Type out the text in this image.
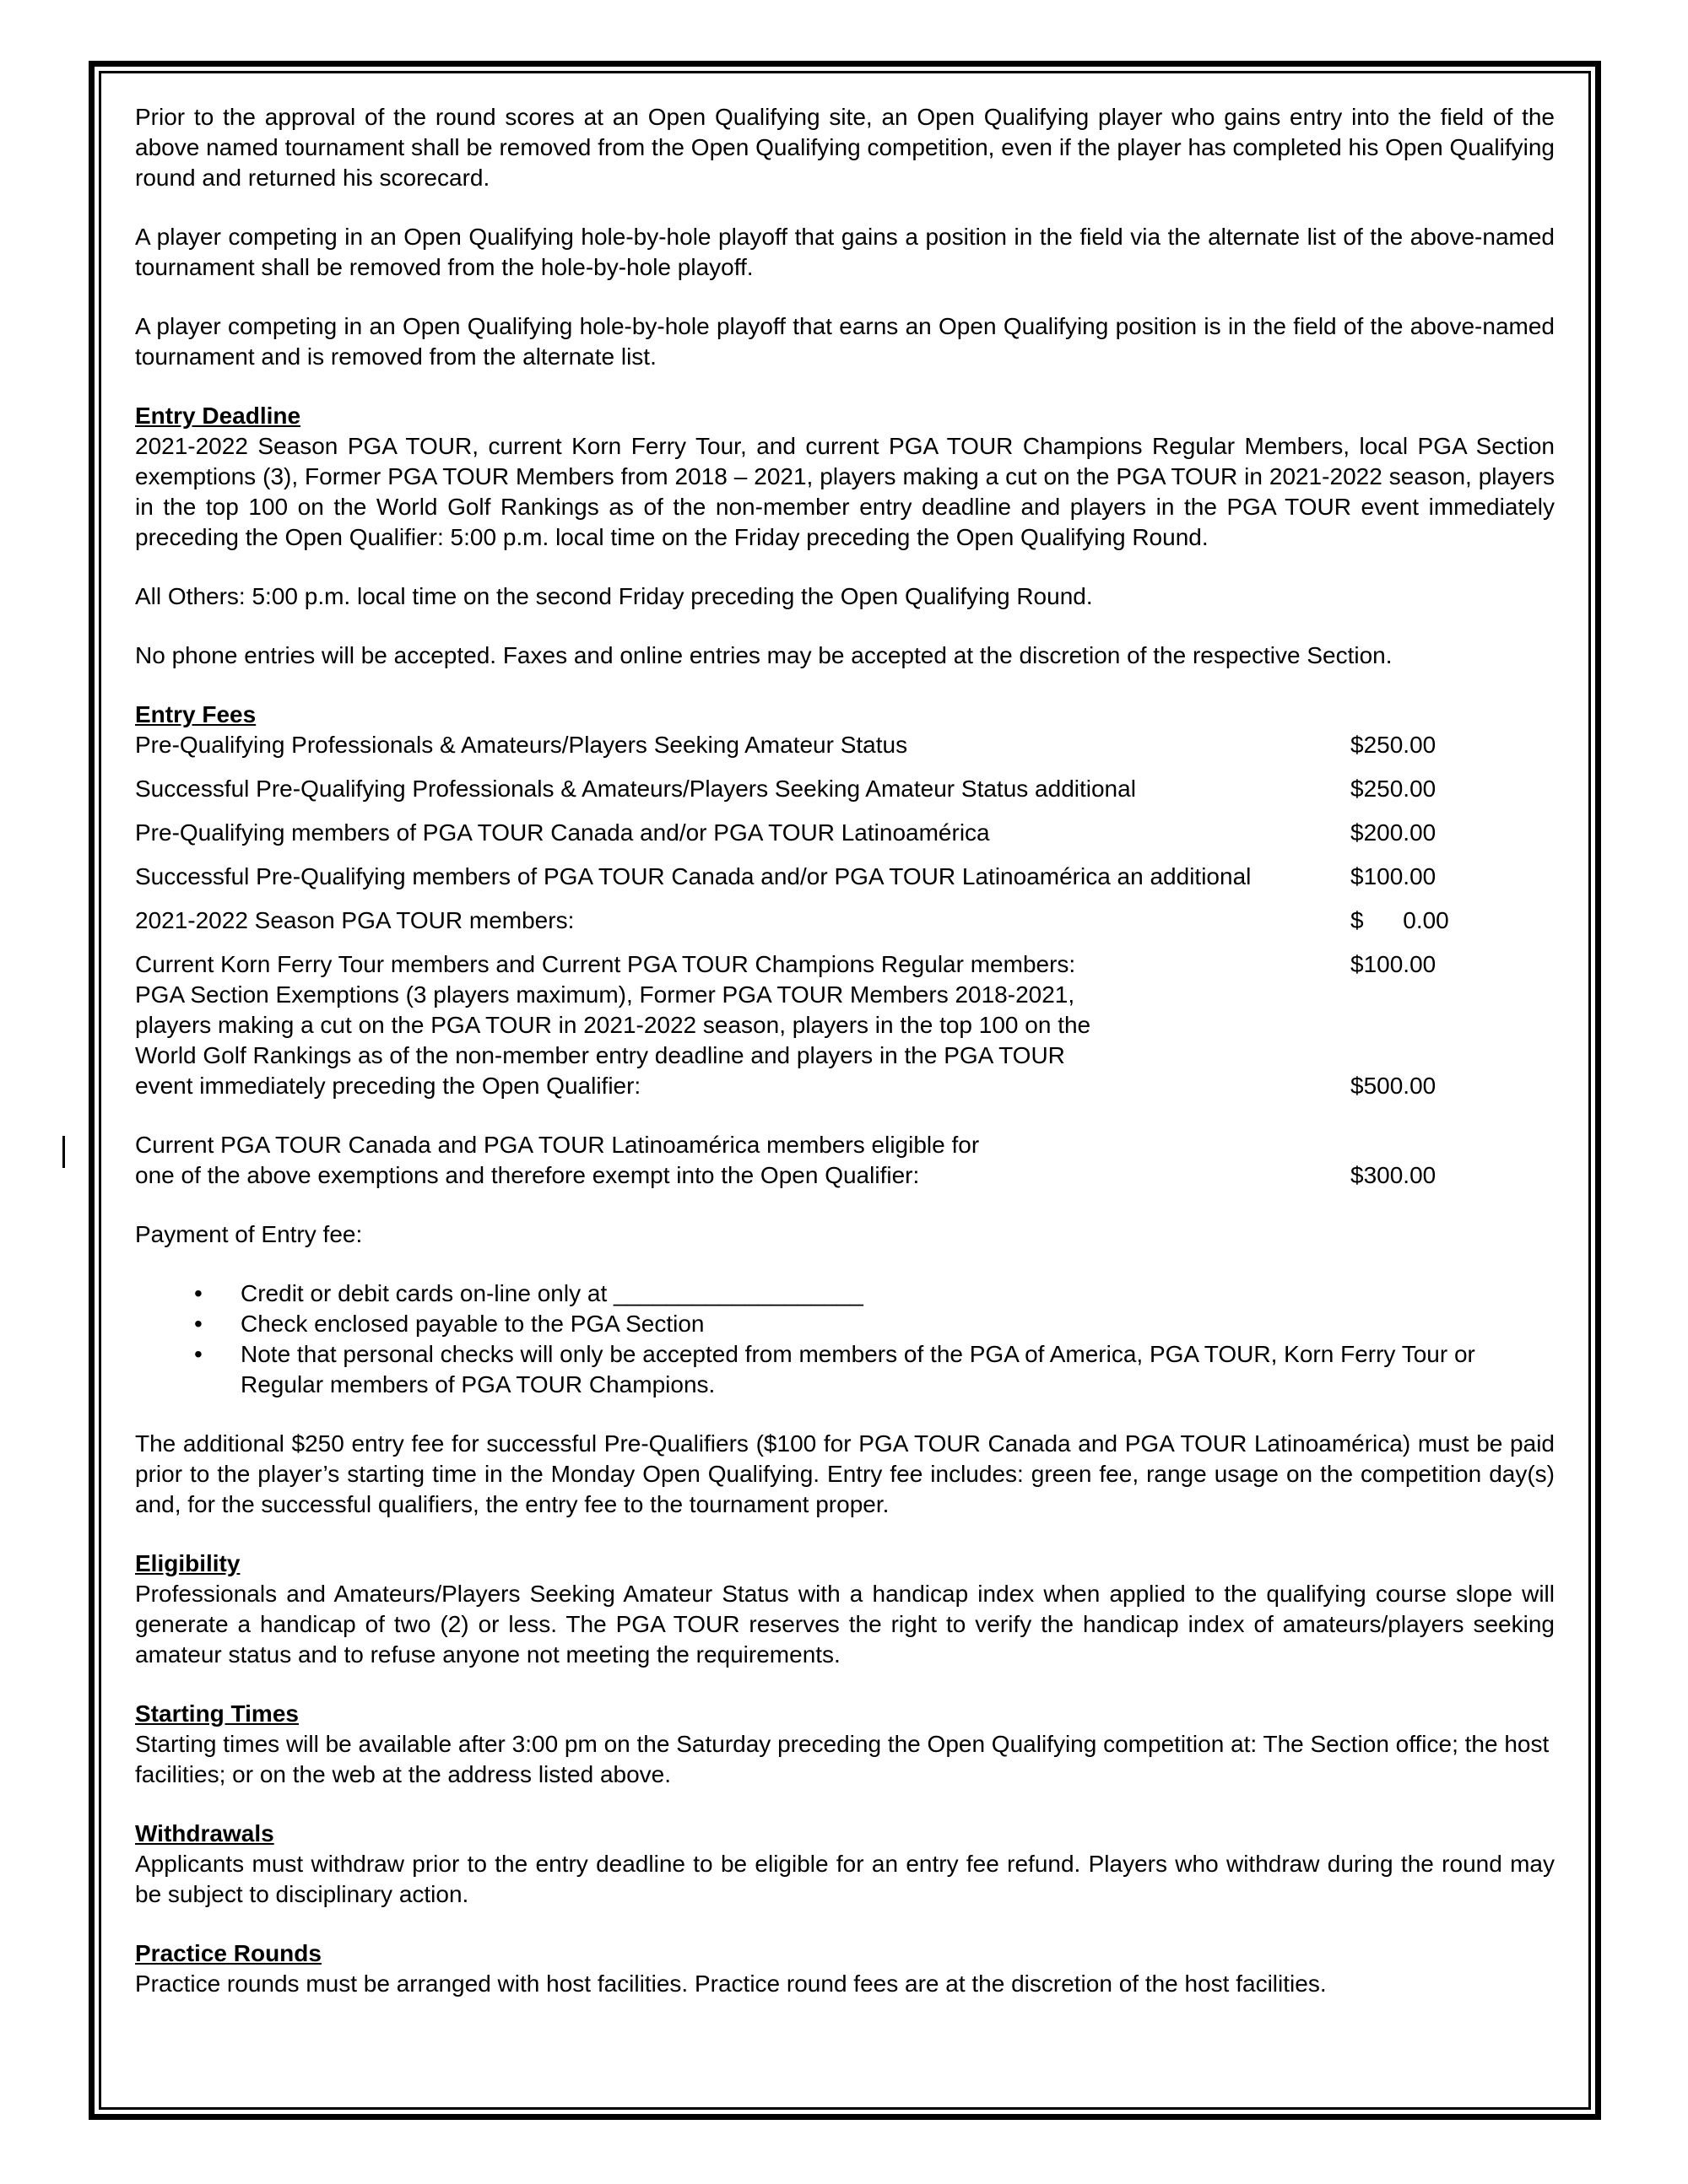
Prior to the approval of the round scores at an Open Qualifying site, an Open Qualifying player who gains entry into the field of the above named tournament shall be removed from the Open Qualifying competition, even if the player has completed his Open Qualifying round and returned his scorecard.

A player competing in an Open Qualifying hole-by-hole playoff that gains a position in the field via the alternate list of the above-named tournament shall be removed from the hole-by-hole playoff.

A player competing in an Open Qualifying hole-by-hole playoff that earns an Open Qualifying position is in the field of the above-named tournament and is removed from the alternate list.

Entry Deadline

2021-2022 Season PGA TOUR, current Korn Ferry Tour, and current PGA TOUR Champions Regular Members, local PGA Section exemptions (3), Former PGA TOUR Members from 2018 – 2021, players making a cut on the PGA TOUR in 2021-2022 season, players in the top 100 on the World Golf Rankings as of the non-member entry deadline and players in the PGA TOUR event immediately preceding the Open Qualifier: 5:00 p.m. local time on the Friday preceding the Open Qualifying Round.

All Others: 5:00 p.m. local time on the second Friday preceding the Open Qualifying Round.

No phone entries will be accepted. Faxes and online entries may be accepted at the discretion of the respective Section.

Entry Fees
Pre-Qualifying Professionals & Amateurs/Players Seeking Amateur Status	$250.00
Successful Pre-Qualifying Professionals & Amateurs/Players Seeking Amateur Status additional	$250.00
Pre-Qualifying members of PGA TOUR Canada and/or PGA TOUR Latinoamérica	$200.00
Successful Pre-Qualifying members of PGA TOUR Canada and/or PGA TOUR Latinoamérica an additional	$100.00
2021-2022 Season PGA TOUR members:	$      0.00
Current Korn Ferry Tour members and Current PGA TOUR Champions Regular members:	$100.00
PGA Section Exemptions (3 players maximum), Former PGA TOUR Members 2018-2021,
players making a cut on the PGA TOUR in 2021-2022 season, players in the top 100 on the
World Golf Rankings as of the non-member entry deadline and players in the PGA TOUR
event immediately preceding the Open Qualifier:	$500.00
Current PGA TOUR Canada and PGA TOUR Latinoamérica members eligible for
one of the above exemptions and therefore exempt into the Open Qualifier:	$300.00

Payment of Entry fee:

•	Credit or debit cards on-line only at ___________________
•	Check enclosed payable to the PGA Section
•	Note that personal checks will only be accepted from members of the PGA of America, PGA TOUR, Korn Ferry Tour or Regular members of PGA TOUR Champions.

The additional $250 entry fee for successful Pre-Qualifiers ($100 for PGA TOUR Canada and PGA TOUR Latinoamérica) must be paid prior to the player’s starting time in the Monday Open Qualifying. Entry fee includes: green fee, range usage on the competition day(s) and, for the successful qualifiers, the entry fee to the tournament proper.

Eligibility

Professionals and Amateurs/Players Seeking Amateur Status with a handicap index when applied to the qualifying course slope will generate a handicap of two (2) or less. The PGA TOUR reserves the right to verify the handicap index of amateurs/players seeking amateur status and to refuse anyone not meeting the requirements.

Starting Times

Starting times will be available after 3:00 pm on the Saturday preceding the Open Qualifying competition at: The Section office; the host facilities; or on the web at the address listed above.

Withdrawals

Applicants must withdraw prior to the entry deadline to be eligible for an entry fee refund. Players who withdraw during the round may be subject to disciplinary action.

Practice Rounds

Practice rounds must be arranged with host facilities. Practice round fees are at the discretion of the host facilities.
